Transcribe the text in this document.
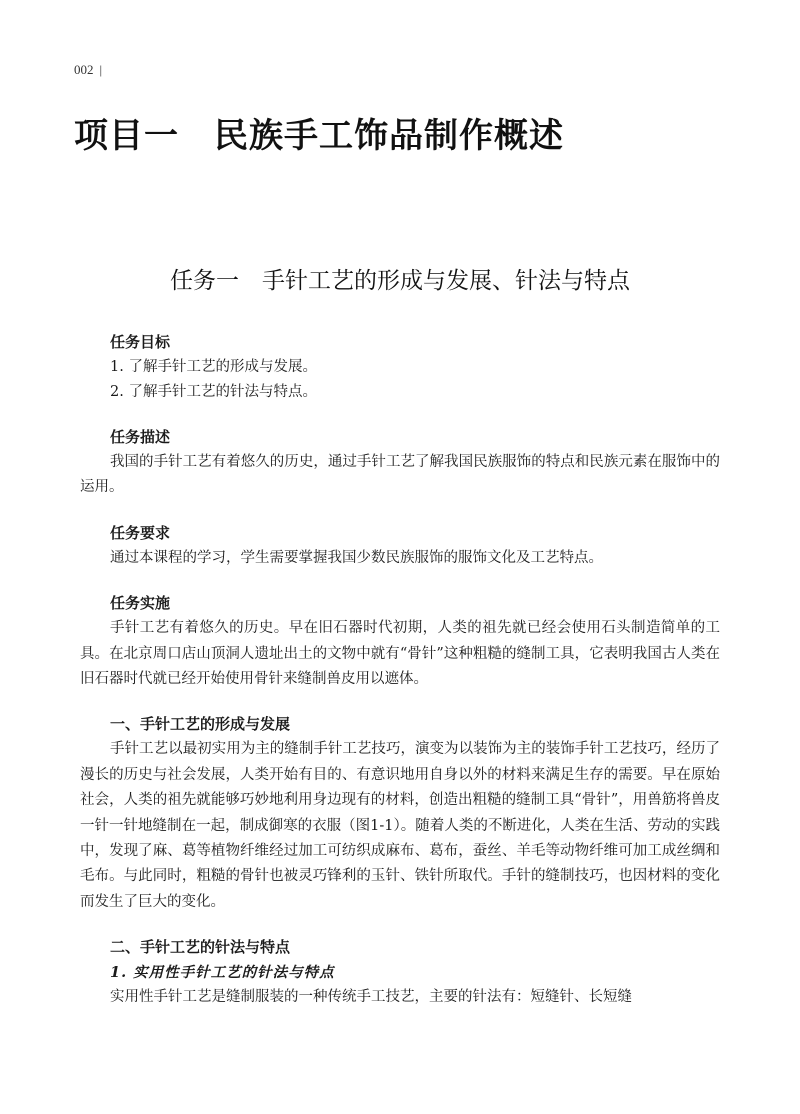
002 |
项目一　民族手工饰品制作概述
任务一　手针工艺的形成与发展、针法与特点
任务目标
1. 了解手针工艺的形成与发展。
2. 了解手针工艺的针法与特点。
任务描述

我国的手针工艺有着悠久的历史，通过手针工艺了解我国民族服饰的特点和民族元素在服饰中的运用。

任务要求

通过本课程的学习，学生需要掌握我国少数民族服饰的服饰文化及工艺特点。

任务实施

手针工艺有着悠久的历史。早在旧石器时代初期，人类的祖先就已经会使用石头制造简单的工具。在北京周口店山顶洞人遗址出土的文物中就有“骨针”这种粗糙的缝制工具，它表明我国古人类在旧石器时代就已经开始使用骨针来缝制兽皮用以遮体。

一、手针工艺的形成与发展

手针工艺以最初实用为主的缝制手针工艺技巧，演变为以装饰为主的装饰手针工艺技巧，经历了漫长的历史与社会发展，人类开始有目的、有意识地用自身以外的材料来满足生存的需要。早在原始社会，人类的祖先就能够巧妙地利用身边现有的材料，创造出粗糙的缝制工具“骨针”，用兽筋将兽皮一针一针地缝制在一起，制成御寒的衣服（图1-1）。随着人类的不断进化，人类在生活、劳动的实践中，发现了麻、葛等植物纤维经过加工可纺织成麻布、葛布，蚕丝、羊毛等动物纤维可加工成丝绸和毛布。与此同时，粗糙的骨针也被灵巧锋利的玉针、铁针所取代。手针的缝制技巧，也因材料的变化而发生了巨大的变化。

二、手针工艺的针法与特点
1. 实用性手针工艺的针法与特点

实用性手针工艺是缝制服装的一种传统手工技艺，主要的针法有：短缝针、长短缝
